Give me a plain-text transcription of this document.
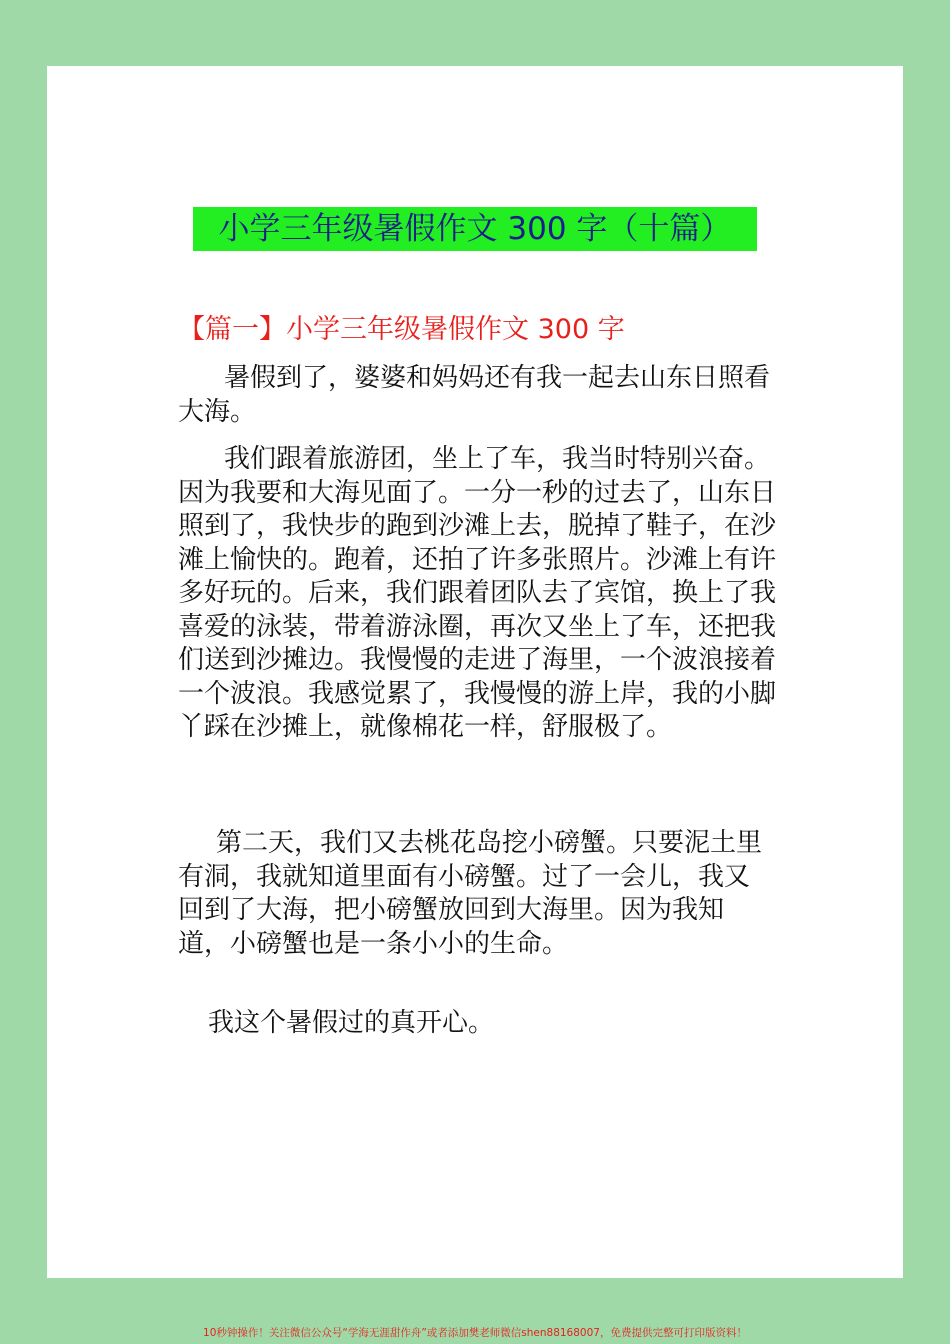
小学三年级暑假作文 300 字（十篇）
【篇一】小学三年级暑假作文 300 字

暑假到了，婆婆和妈妈还有我一起去山东日照看大海。

我们跟着旅游团，坐上了车，我当时特别兴奋。因为我要和大海见面了。一分一秒的过去了，山东日照到了，我快步的跑到沙滩上去，脱掉了鞋子，在沙滩上愉快的。跑着，还拍了许多张照片。沙滩上有许多好玩的。后来，我们跟着团队去了宾馆，换上了我喜爱的泳装，带着游泳圈，再次又坐上了车，还把我们送到沙摊边。我慢慢的走进了海里，一个波浪接着一个波浪。我感觉累了，我慢慢的游上岸，我的小脚丫踩在沙摊上，就像棉花一样，舒服极了。

第二天，我们又去桃花岛挖小磅蟹。只要泥土里有洞，我就知道里面有小磅蟹。过了一会儿，我又回到了大海，把小磅蟹放回到大海里。因为我知道，小磅蟹也是一条小小的生命。

我这个暑假过的真开心。

10秒钟操作！关注微信公众号“学海无涯甜作舟”或者添加樊老师微信shen88168007，免费提供完整可打印版资料！
